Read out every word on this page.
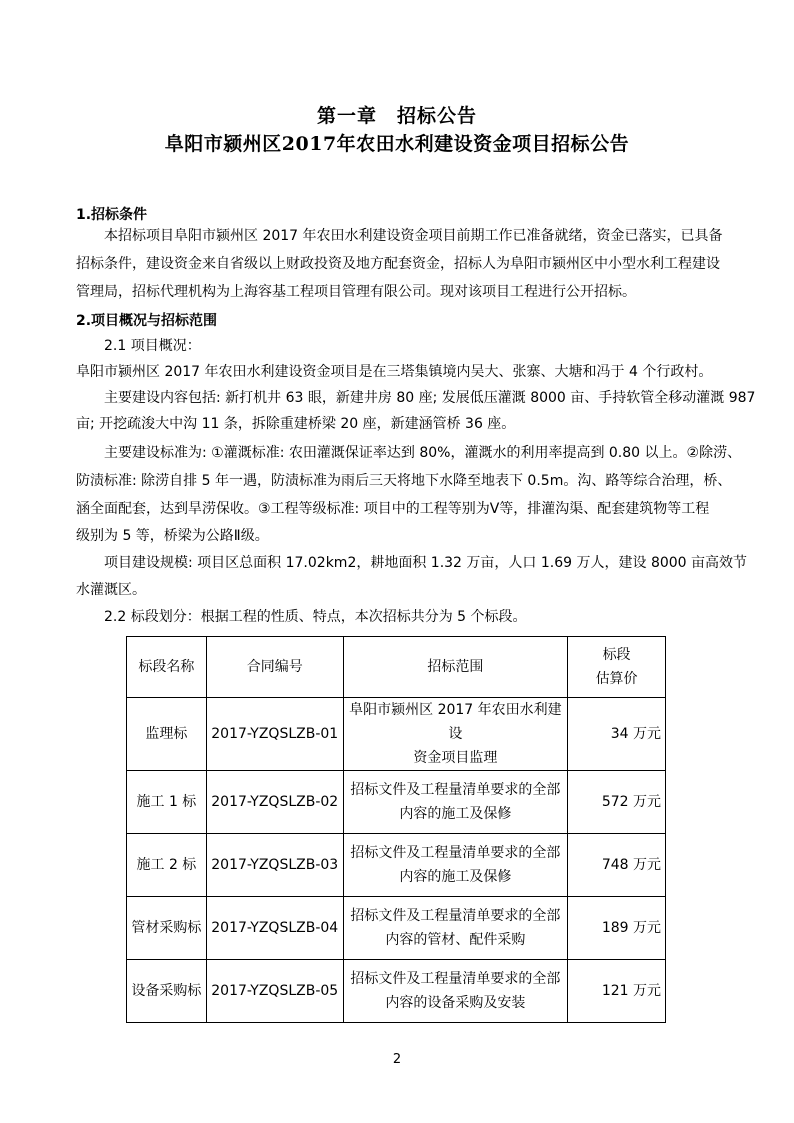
第一章　招标公告
阜阳市颍州区2017年农田水利建设资金项目招标公告
1.招标条件
本招标项目阜阳市颍州区 2017 年农田水利建设资金项目前期工作已准备就绪，资金已落实，已具备
招标条件，建设资金来自省级以上财政投资及地方配套资金，招标人为阜阳市颍州区中小型水利工程建设
管理局，招标代理机构为上海容基工程项目管理有限公司。现对该项目工程进行公开招标。
2.项目概况与招标范围
2.1 项目概况：
阜阳市颍州区 2017 年农田水利建设资金项目是在三塔集镇境内吴大、张寨、大塘和冯于 4 个行政村。
主要建设内容包括: 新打机井 63 眼，新建井房 80 座; 发展低压灌溉 8000 亩、手持软管全移动灌溉 987
亩; 开挖疏浚大中沟 11 条，拆除重建桥梁 20 座，新建涵管桥 36 座。
主要建设标准为: ①灌溉标准: 农田灌溉保证率达到 80%，灌溉水的利用率提高到 0.80 以上。②除涝、
防渍标准: 除涝自排 5 年一遇，防渍标准为雨后三天将地下水降至地表下 0.5m。沟、路等综合治理，桥、
涵全面配套，达到旱涝保收。③工程等级标准: 项目中的工程等别为Ⅴ等，排灌沟渠、配套建筑物等工程
级别为 5 等，桥梁为公路Ⅱ级。
项目建设规模: 项目区总面积 17.02km2，耕地面积 1.32 万亩，人口 1.69 万人，建设 8000 亩高效节
水灌溉区。
2.2 标段划分：根据工程的性质、特点，本次招标共分为 5 个标段。
标段名称	合同编号	招标范围	标段
估算价

监理标	2017-YZQSLZB-01	阜阳市颍州区 2017 年农田水利建设
资金项目监理	34 万元
施工 1 标	2017-YZQSLZB-02	招标文件及工程量清单要求的全部
内容的施工及保修	572 万元
施工 2 标	2017-YZQSLZB-03	招标文件及工程量清单要求的全部
内容的施工及保修	748 万元
管材采购标	2017-YZQSLZB-04	招标文件及工程量清单要求的全部
内容的管材、配件采购	189 万元
设备采购标	2017-YZQSLZB-05	招标文件及工程量清单要求的全部
内容的设备采购及安装	121 万元
2
